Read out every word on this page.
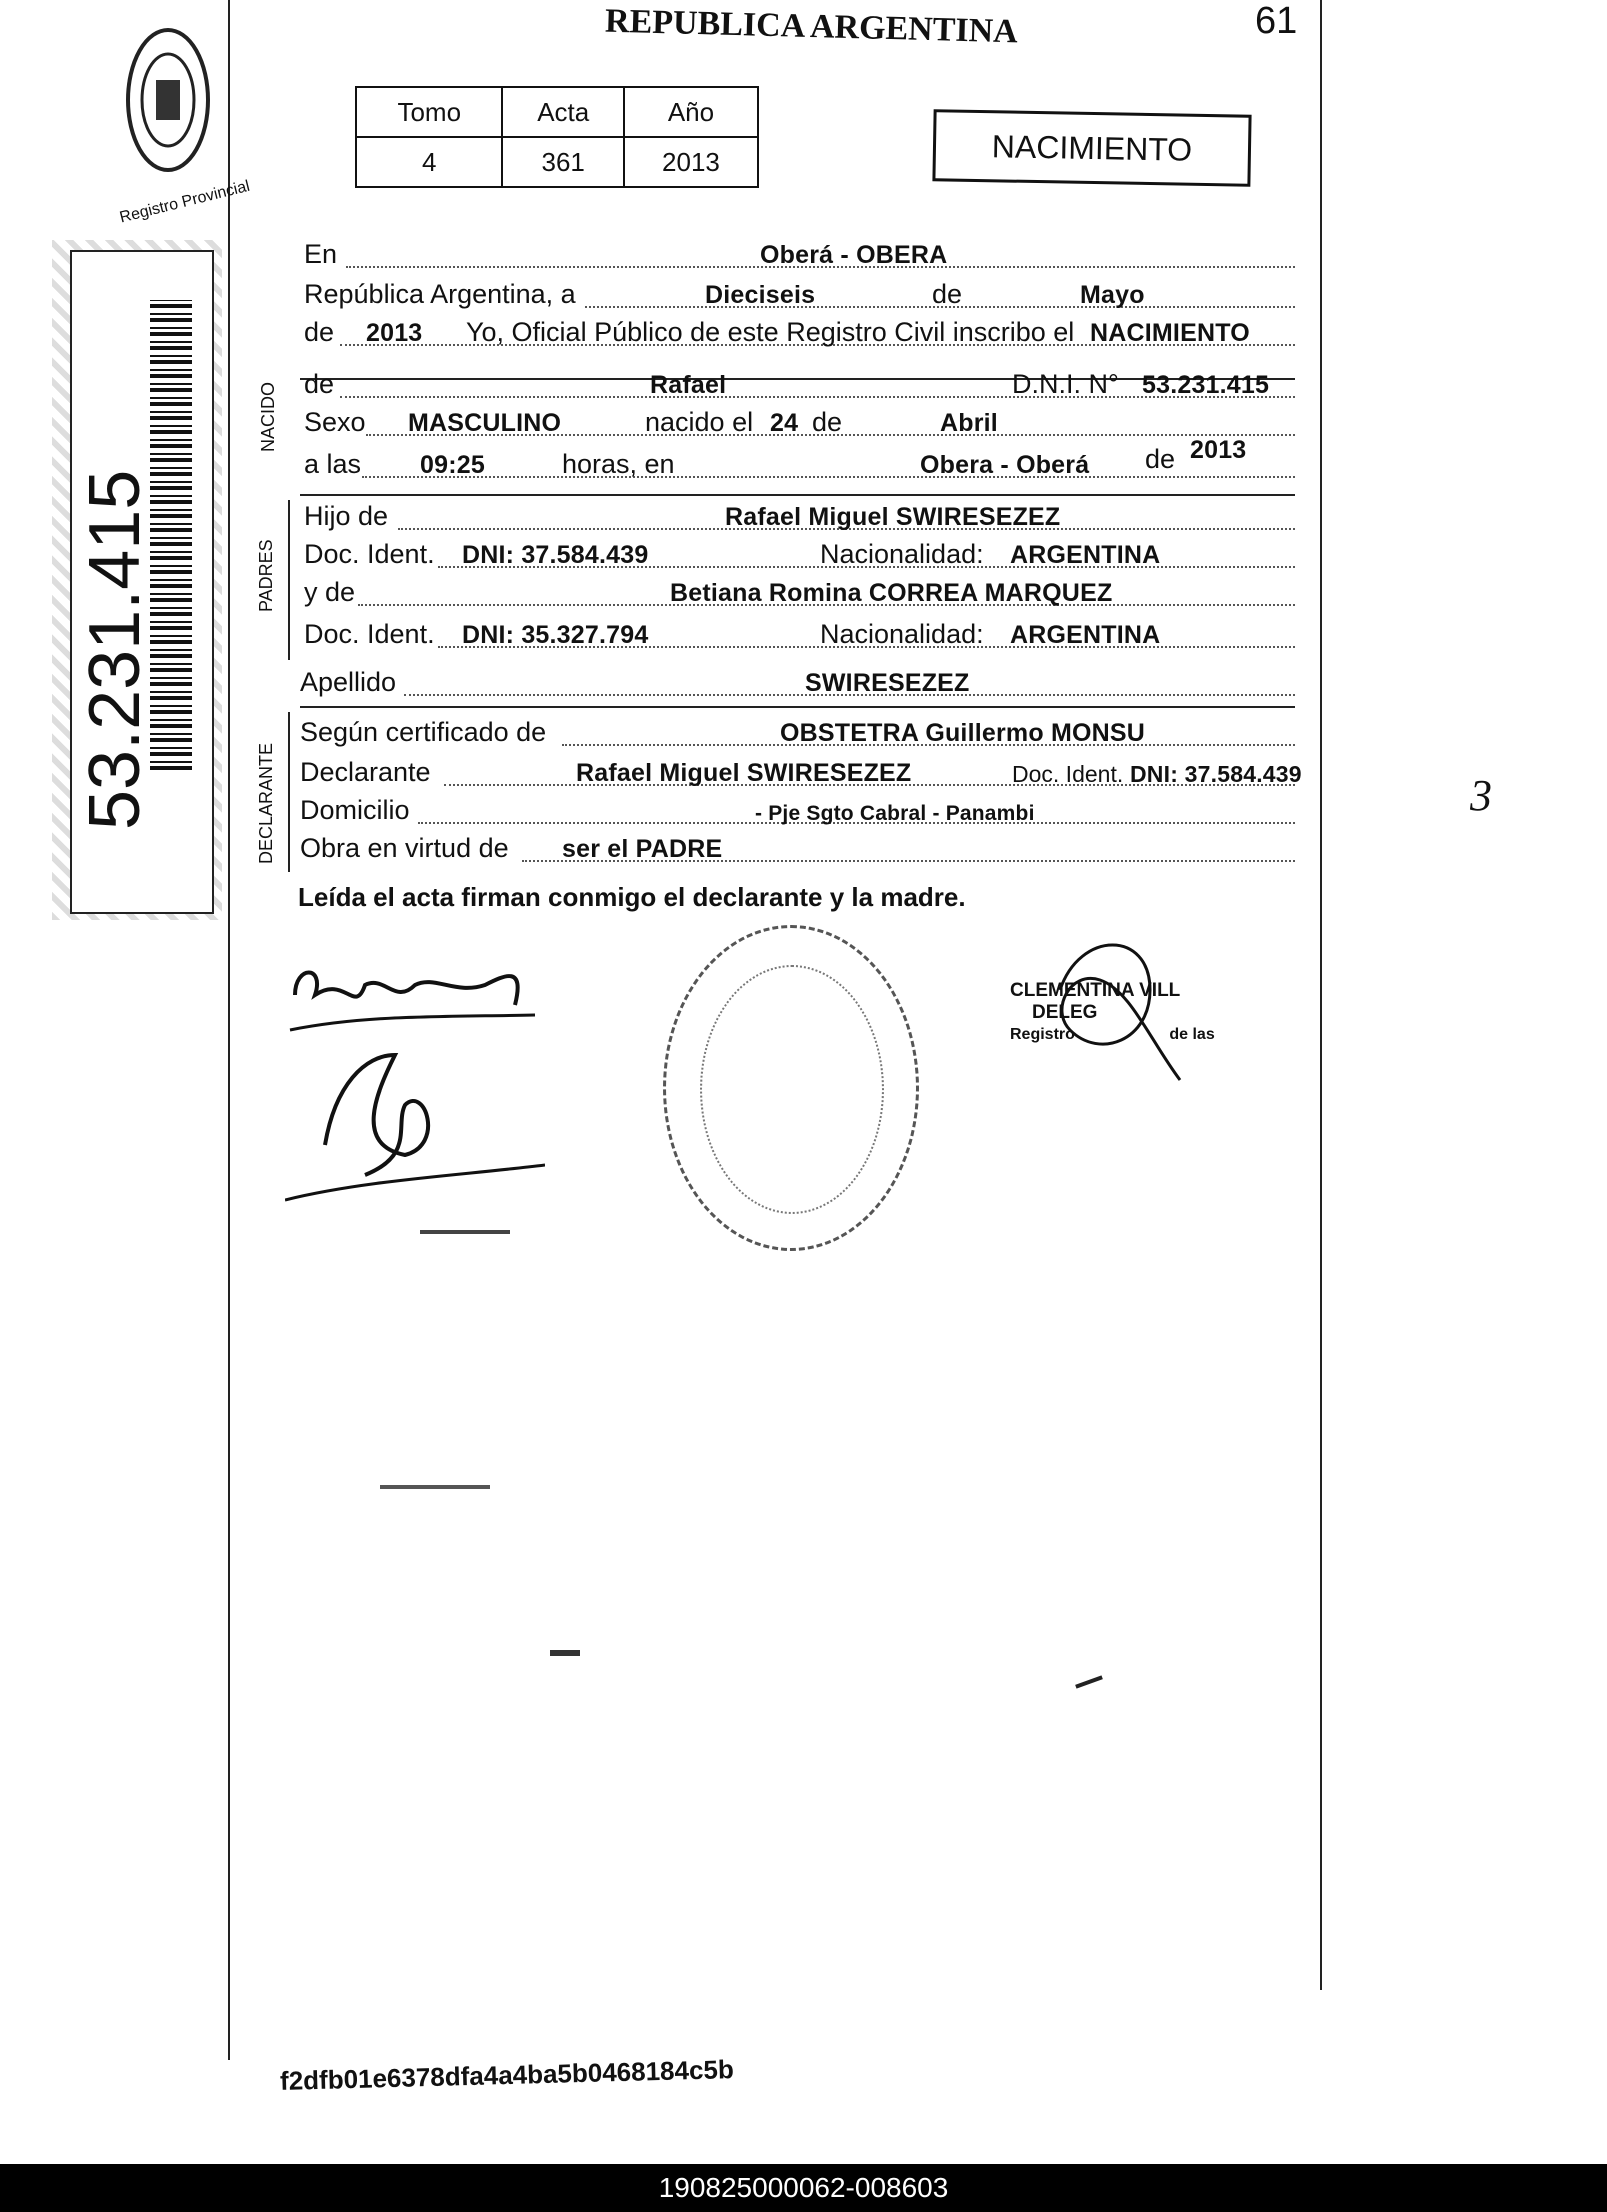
53.231.415
Registro Provincial
REPUBLICA ARGENTINA	61
Tomo	Acta	Año
4	361	2013	NACIMIENTO
En	Oberá - OBERA
República Argentina, a	Dieciseis	de	Mayo
de 2013 Yo, Oficial Público de este Registro Civil inscribo el NACIMIENTO
de	Rafael	D.N.I. N° 53.231.415
Sexo MASCULINO	nacido el 24 de	Abril
de 2013
a las 09:25	horas, en	Obera - Oberá
NACIDO
Hijo de	Rafael Miguel SWIRESEZEZ
Doc. Ident. DNI: 37.584.439	Nacionalidad: ARGENTINA
y de	Betiana Romina CORREA MARQUEZ
Doc. Ident. DNI: 35.327.794	Nacionalidad: ARGENTINA
PADRES
Apellido	SWIRESEZEZ
Según certificado de	OBSTETRA Guillermo MONSU
Declarante	Rafael Miguel SWIRESEZEZ	Doc. Ident. DNI: 37.584.439
Domicilio	- Pje Sgto Cabral - Panambi
Obra en virtud de ser el PADRE
DECLARANTE
Leída el acta firman conmigo el declarante y la madre.
CLEMENTINA VILL
DELEG
Registro	de las
3
f2dfb01e6378dfa4a4ba5b0468184c5b
190825000062-008603
